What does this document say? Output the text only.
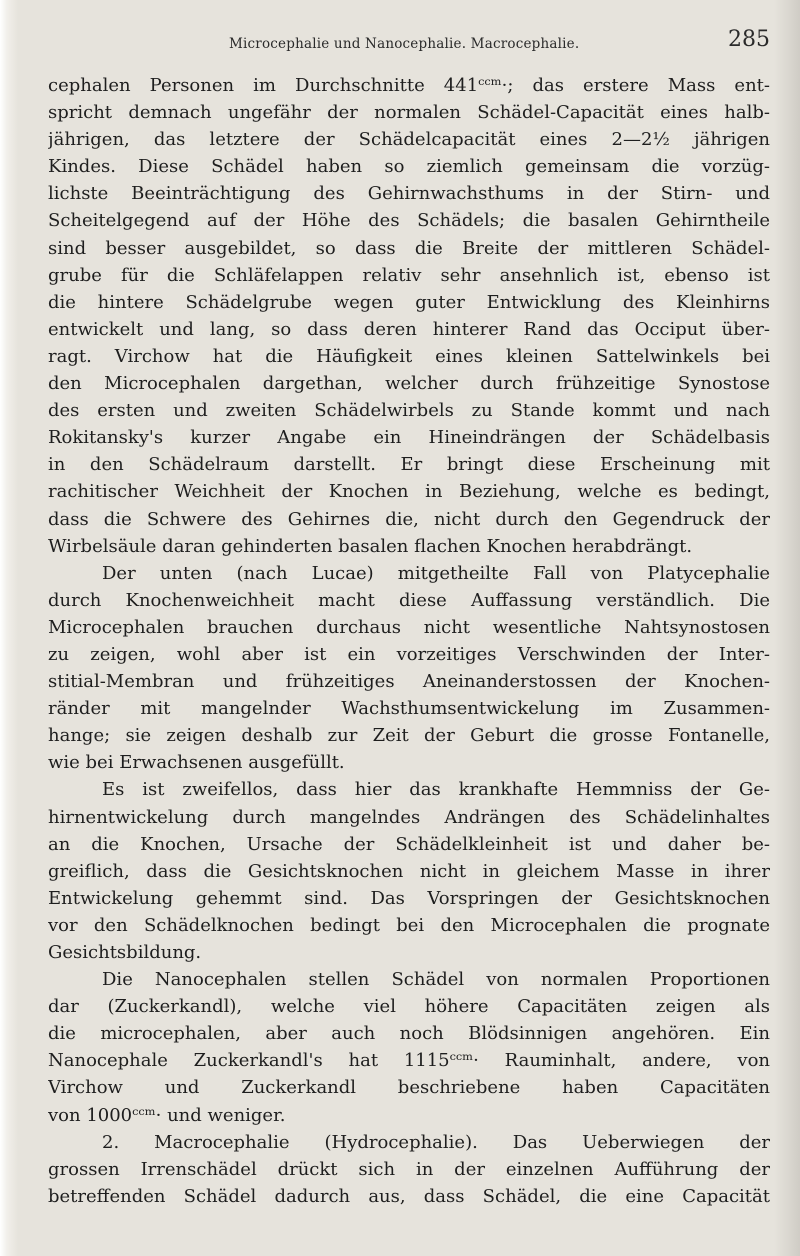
Microcephalie und Nanocephalie. Macrocephalie.	285
cephalen Personen im Durchschnitte 441ᶜᶜᵐ·; das erstere Mass ent-
spricht demnach ungefähr der normalen Schädel-Capacität eines halb-
jährigen, das letztere der Schädelcapacität eines 2—2½ jährigen
Kindes. Diese Schädel haben so ziemlich gemeinsam die vorzüg-
lichste Beeinträchtigung des Gehirnwachsthums in der Stirn- und
Scheitelgegend auf der Höhe des Schädels; die basalen Gehirntheile
sind besser ausgebildet, so dass die Breite der mittleren Schädel-
grube für die Schläfelappen relativ sehr ansehnlich ist, ebenso ist
die hintere Schädelgrube wegen guter Entwicklung des Kleinhirns
entwickelt und lang, so dass deren hinterer Rand das Occiput über-
ragt. Virchow hat die Häufigkeit eines kleinen Sattelwinkels bei
den Microcephalen dargethan, welcher durch frühzeitige Synostose
des ersten und zweiten Schädelwirbels zu Stande kommt und nach
Rokitansky's kurzer Angabe ein Hineindrängen der Schädelbasis
in den Schädelraum darstellt. Er bringt diese Erscheinung mit
rachitischer Weichheit der Knochen in Beziehung, welche es bedingt,
dass die Schwere des Gehirnes die, nicht durch den Gegendruck der
Wirbelsäule daran gehinderten basalen flachen Knochen herabdrängt.
Der unten (nach Lucae) mitgetheilte Fall von Platycephalie
durch Knochenweichheit macht diese Auffassung verständlich. Die
Microcephalen brauchen durchaus nicht wesentliche Nahtsynostosen
zu zeigen, wohl aber ist ein vorzeitiges Verschwinden der Inter-
stitial-Membran und frühzeitiges Aneinanderstossen der Knochen-
ränder mit mangelnder Wachsthumsentwickelung im Zusammen-
hange; sie zeigen deshalb zur Zeit der Geburt die grosse Fontanelle,
wie bei Erwachsenen ausgefüllt.
Es ist zweifellos, dass hier das krankhafte Hemmniss der Ge-
hirnentwickelung durch mangelndes Andrängen des Schädelinhaltes
an die Knochen, Ursache der Schädelkleinheit ist und daher be-
greiflich, dass die Gesichtsknochen nicht in gleichem Masse in ihrer
Entwickelung gehemmt sind. Das Vorspringen der Gesichtsknochen
vor den Schädelknochen bedingt bei den Microcephalen die prognate
Gesichtsbildung.
Die Nanocephalen stellen Schädel von normalen Proportionen
dar (Zuckerkandl), welche viel höhere Capacitäten zeigen als
die microcephalen, aber auch noch Blödsinnigen angehören. Ein
Nanocephale Zuckerkandl's hat 1115ᶜᶜᵐ· Rauminhalt, andere, von
Virchow und Zuckerkandl beschriebene haben Capacitäten
von 1000ᶜᶜᵐ· und weniger.
2. Macrocephalie (Hydrocephalie). Das Ueberwiegen der
grossen Irrenschädel drückt sich in der einzelnen Aufführung der
betreffenden Schädel dadurch aus, dass Schädel, die eine Capacität
